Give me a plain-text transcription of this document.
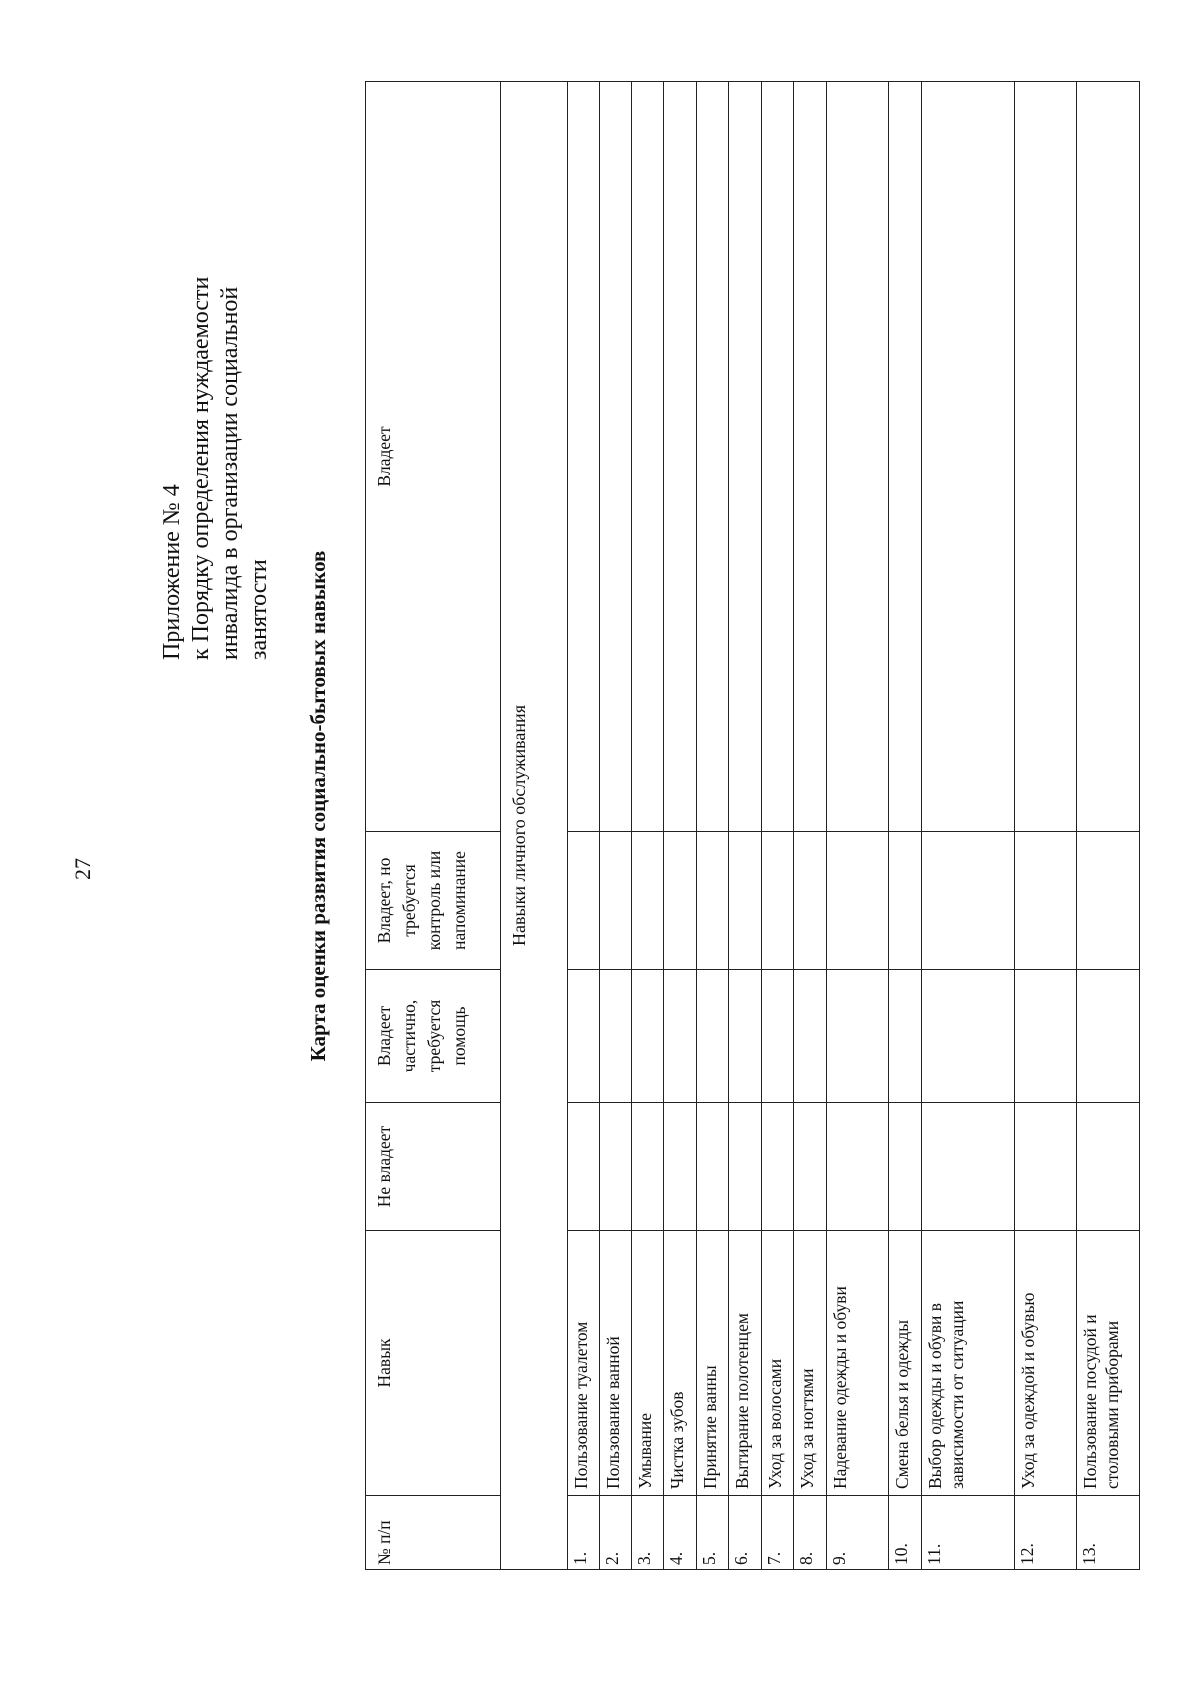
27
Приложение № 4 к Порядку определения нуждаемости инвалида в организации социальной занятости Карта оценки развития социально-бытовых навыков
№ п/п	Навык	Не владеет	Владеет частично, требуется помощь	Владеет, но требуется контроль или напоминание	Владеет
Навыки личного обслуживания					
1.	Пользование туалетом				
2.	Пользование ванной				
3.	Умывание				
4.	Чистка зубов				
5.	Принятие ванны				
6.	Вытирание полотенцем				
7.	Уход за волосами				
8.	Уход за ногтями				
9.	Надевание одежды и обуви				
10.	Смена белья и одежды				
11.	Выбор одежды и обуви в зависимости от ситуации				
12.	Уход за одеждой и обувью				
13.	Пользование посудой и столовыми приборами				
